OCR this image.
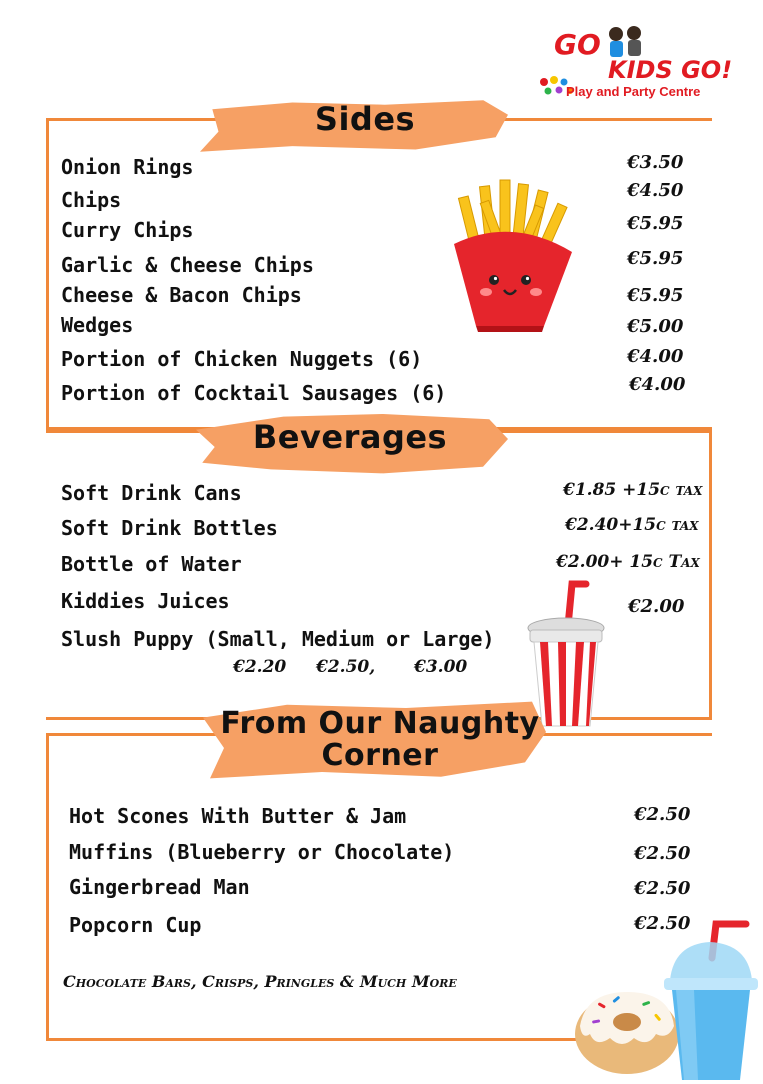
GO
KIDS GO!
Play and Party Centre
Sides
Onion Rings
Chips
Curry Chips
Garlic & Cheese Chips
Cheese & Bacon Chips
Wedges
Portion of Chicken Nuggets (6)
Portion of Cocktail Sausages (6)
€3.50
€4.50
€5.95
€5.95
€5.95
€5.00
€4.00
€4.00
Beverages
Soft Drink Cans
Soft Drink Bottles
Bottle of Water
Kiddies Juices
Slush Puppy (Small, Medium or Large)
€1.85 +15c tax
€2.40+15c tax
€2.00+ 15c Tax
€2.00
€2.20 €2.50, €3.00
From Our Naughty
Corner
Hot Scones With Butter & Jam
Muffins (Blueberry or Chocolate)
Gingerbread Man
Popcorn Cup
€2.50
€2.50
€2.50
€2.50
Chocolate Bars, Crisps, Pringles & Much More
